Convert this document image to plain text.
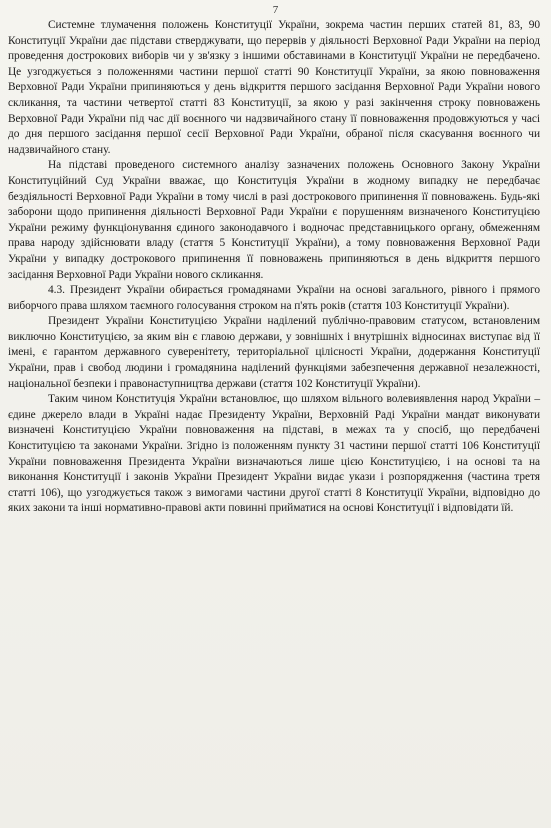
7

Системне тлумачення положень Конституції України, зокрема частин перших статей 81, 83, 90 Конституції України дає підстави стверджувати, що перервів у діяльності Верховної Ради України на період проведення дострокових виборів чи у зв'язку з іншими обставинами в Конституції України не передбачено. Це узгоджується з положеннями частини першої статті 90 Конституції України, за якою повноваження Верховної Ради України припиняються у день відкриття першого засідання Верховної Ради України нового скликання, та частини четвертої статті 83 Конституції, за якою у разі закінчення строку повноважень Верховної Ради України під час дії воєнного чи надзвичайного стану її повноваження продовжуються у часі до дня першого засідання першої сесії Верховної Ради України, обраної після скасування воєнного чи надзвичайного стану.

На підставі проведеного системного аналізу зазначених положень Основного Закону України Конституційний Суд України вважає, що Конституція України в жодному випадку не передбачає бездіяльності Верховної Ради України в тому числі в разі дострокового припинення її повноважень. Будь-які заборони щодо припинення діяльності Верховної Ради України є порушенням визначеного Конституцією України режиму функціонування єдиного законодавчого і водночас представницького органу, обмеженням права народу здійснювати владу (стаття 5 Конституції України), а тому повноваження Верховної Ради України у випадку дострокового припинення її повноважень припиняються в день відкриття першого засідання Верховної Ради України нового скликання.

4.3. Президент України обирається громадянами України на основі загального, рівного і прямого виборчого права шляхом таємного голосування строком на п'ять років (стаття 103 Конституції України).

Президент України Конституцією України наділений публічно-правовим статусом, встановленим виключно Конституцією, за яким він є главою держави, у зовнішніх і внутрішніх відносинах виступає від її імені, є гарантом державного суверенітету, територіальної цілісності України, додержання Конституції України, прав і свобод людини і громадянина наділений функціями забезпечення державної незалежності, національної безпеки і правонаступництва держави (стаття 102 Конституції України).

Таким чином Конституція України встановлює, що шляхом вільного волевиявлення народ України – єдине джерело влади в Україні надає Президенту України, Верховній Раді України мандат виконувати визначені Конституцією України повноваження на підставі, в межах та у спосіб, що передбачені Конституцією та законами України. Згідно із положенням пункту 31 частини першої статті 106 Конституції України повноваження Президента України визначаються лише цією Конституцією, і на основі та на виконання Конституції і законів України Президент України видає укази і розпорядження (частина третя статті 106), що узгоджується також з вимогами частини другої статті 8 Конституції України, відповідно до яких закони та інші нормативно-правові акти повинні прийматися на основі Конституції і відповідати їй.
